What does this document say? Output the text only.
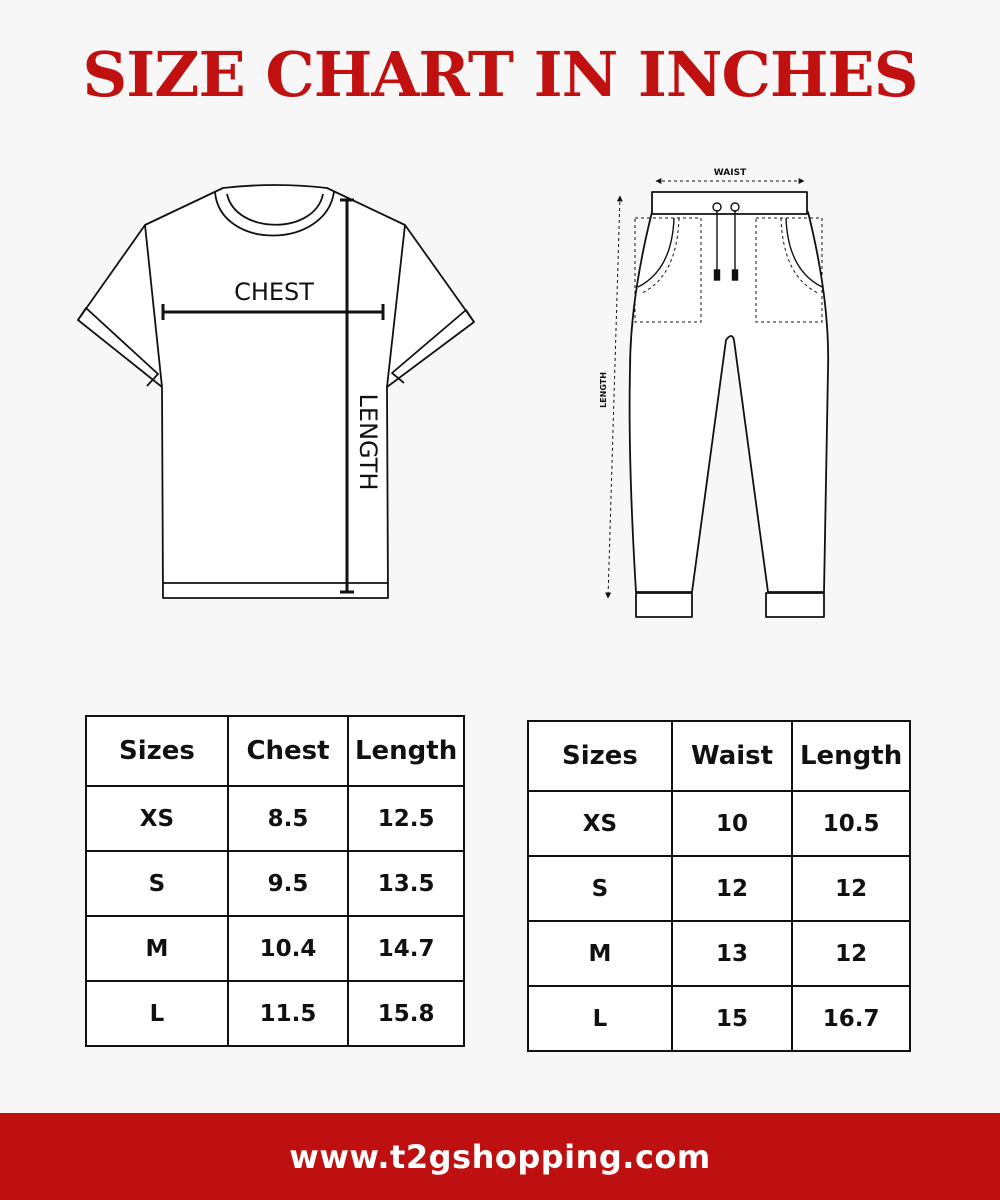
SIZE CHART IN INCHES
CHEST
LENGTH
WAIST
LENGTH
Sizes	Chest	Length
XS	8.5	12.5
S	9.5	13.5
M	10.4	14.7
L	11.5	15.8
Sizes	Waist	Length
XS	10	10.5
S	12	12
M	13	12
L	15	16.7
www.t2gshopping.com
